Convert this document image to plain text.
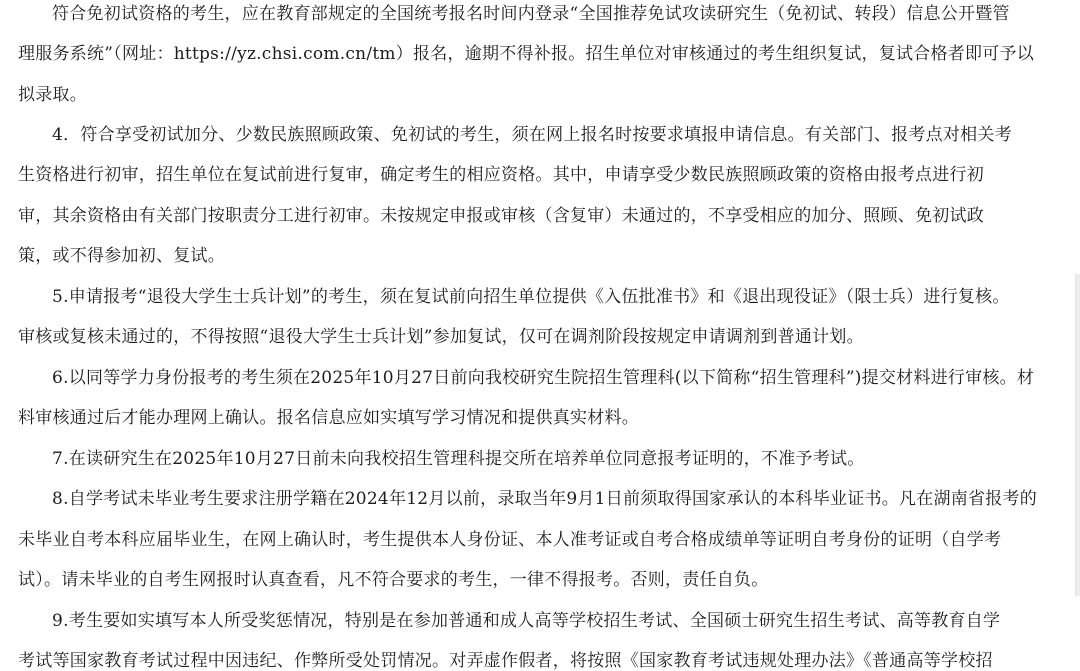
符合免初试资格的考生，应在教育部规定的全国统考报名时间内登录“全国推荐免试攻读研究生（免初试、转段）信息公开暨管
理服务系统”（网址：https://yz.chsi.com.cn/tm）报名，逾期不得补报。招生单位对审核通过的考生组织复试，复试合格者即可予以
拟录取。
4．符合享受初试加分、少数民族照顾政策、免初试的考生，须在网上报名时按要求填报申请信息。有关部门、报考点对相关考
生资格进行初审，招生单位在复试前进行复审，确定考生的相应资格。其中，申请享受少数民族照顾政策的资格由报考点进行初
审，其余资格由有关部门按职责分工进行初审。未按规定申报或审核（含复审）未通过的，不享受相应的加分、照顾、免初试政
策，或不得参加初、复试。
5.申请报考“退役大学生士兵计划”的考生，须在复试前向招生单位提供《入伍批准书》和《退出现役证》（限士兵）进行复核。
审核或复核未通过的，不得按照“退役大学生士兵计划”参加复试，仅可在调剂阶段按规定申请调剂到普通计划。
6.以同等学力身份报考的考生须在2025年10月27日前向我校研究生院招生管理科(以下简称“招生管理科”)提交材料进行审核。材
料审核通过后才能办理网上确认。报名信息应如实填写学习情况和提供真实材料。
7.在读研究生在2025年10月27日前未向我校招生管理科提交所在培养单位同意报考证明的，不准予考试。
8.自学考试未毕业考生要求注册学籍在2024年12月以前，录取当年9月1日前须取得国家承认的本科毕业证书。凡在湖南省报考的
未毕业自考本科应届毕业生，在网上确认时，考生提供本人身份证、本人准考证或自考合格成绩单等证明自考身份的证明（自学考
试）。请未毕业的自考生网报时认真查看，凡不符合要求的考生，一律不得报考。否则，责任自负。
9.考生要如实填写本人所受奖惩情况，特别是在参加普通和成人高等学校招生考试、全国硕士研究生招生考试、高等教育自学
考试等国家教育考试过程中因违纪、作弊所受处罚情况。对弄虚作假者，将按照《国家教育考试违规处理办法》《普通高等学校招
